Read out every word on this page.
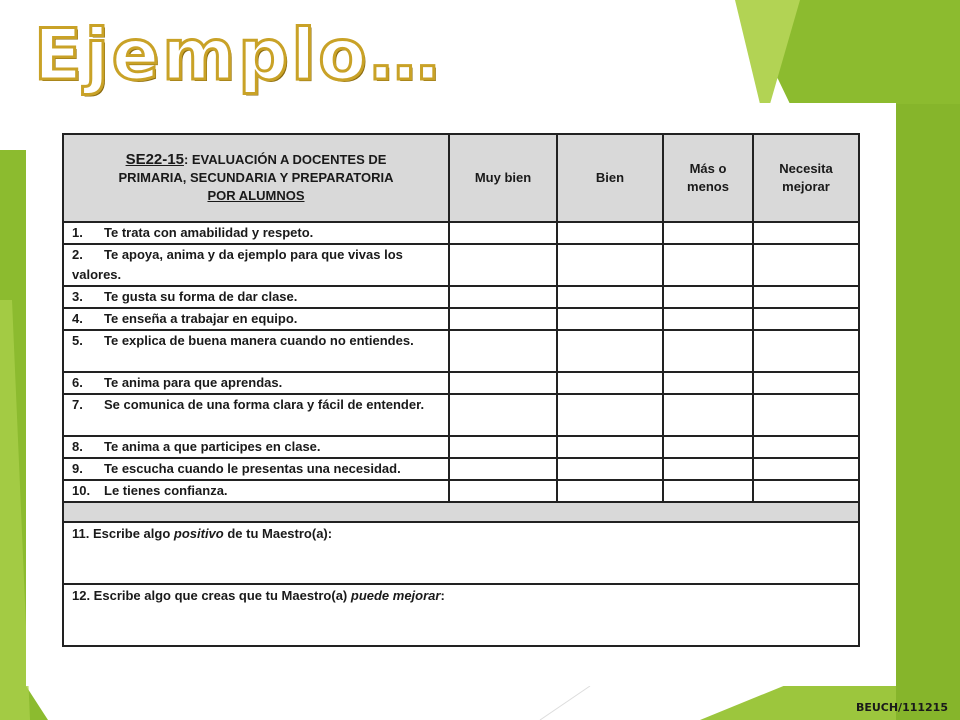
Ejemplo…
SE22-15: EVALUACIÓN A DOCENTES DE
PRIMARIA, SECUNDARIA Y PREPARATORIA
POR ALUMNOS	Muy bien	Bien	Más o menos	Necesita mejorar
1. Te trata con amabilidad y respeto.				
2. Te apoya, anima y da ejemplo para que vivas los valores.				
3. Te gusta su forma de dar clase.				
4. Te enseña a trabajar en equipo.				
5. Te explica de buena manera cuando no entiendes.				
6. Te anima para que aprendas.				
7. Se comunica de una forma clara y fácil de entender.				
8. Te anima a que participes en clase.				
9. Te escucha cuando le presentas una necesidad.				
10. Le tienes confianza.				

11. Escribe algo positivo de tu Maestro(a):				
12. Escribe algo que creas que tu Maestro(a) puede mejorar:				
BEUCH/111215
